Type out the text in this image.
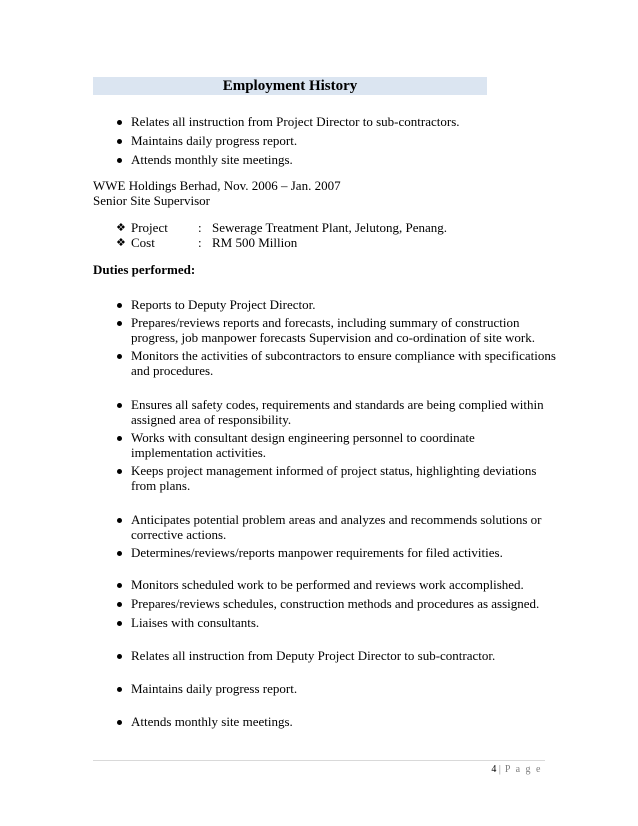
Employment History
Relates all instruction from Project Director to sub-contractors.
Maintains daily progress report.
Attends monthly site meetings.
WWE Holdings Berhad, Nov. 2006 – Jan. 2007
Senior Site Supervisor
❖ Project : Sewerage Treatment Plant, Jelutong, Penang.
❖ Cost	: RM 500 Million
Duties performed:
Reports to Deputy Project Director.
Prepares/reviews reports and forecasts, including summary of construction
progress, job manpower forecasts Supervision and co-ordination of site work.
Monitors the activities of subcontractors to ensure compliance with specifications
and procedures.
Ensures all safety codes, requirements and standards are being complied within
assigned area of responsibility.
Works with consultant design engineering personnel to coordinate
implementation activities.
Keeps project management informed of project status, highlighting deviations
from plans.
Anticipates potential problem areas and analyzes and recommends solutions or
corrective actions.
Determines/reviews/reports manpower requirements for filed activities.
Monitors scheduled work to be performed and reviews work accomplished.
Prepares/reviews schedules, construction methods and procedures as assigned.
Liaises with consultants.
Relates all instruction from Deputy Project Director to sub-contractor.
Maintains daily progress report.
Attends monthly site meetings.
4 | P a g e
